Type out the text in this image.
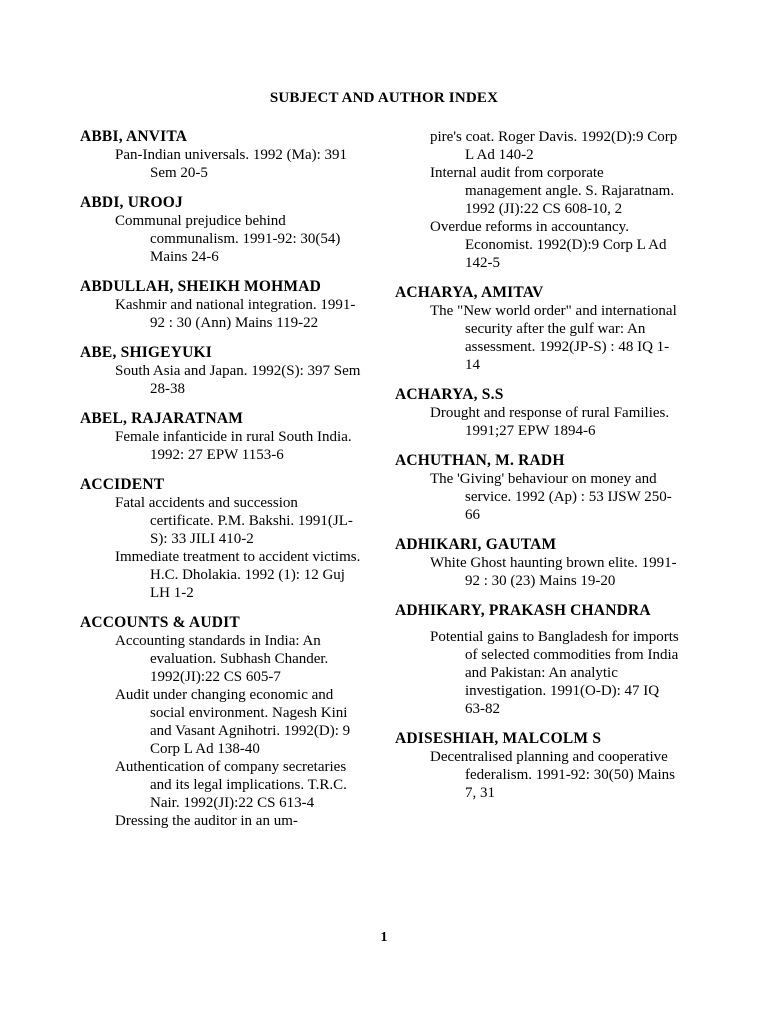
SUBJECT AND AUTHOR INDEX
ABBI, ANVITA
Pan-Indian universals. 1992 (Ma): 391 Sem 20-5
ABDI, UROOJ
Communal prejudice behind communalism. 1991-92: 30(54) Mains 24-6
ABDULLAH, SHEIKH MOHMAD
Kashmir and national integration. 1991-92 : 30 (Ann) Mains 119-22
ABE, SHIGEYUKI
South Asia and Japan. 1992(S): 397 Sem 28-38
ABEL, RAJARATNAM
Female infanticide in rural South India. 1992: 27 EPW 1153-6
ACCIDENT
Fatal accidents and succession certificate. P.M. Bakshi. 1991(JL-S): 33 JILI 410-2
Immediate treatment to accident victims. H.C. Dholakia. 1992 (1): 12 Guj LH 1-2
ACCOUNTS & AUDIT
Accounting standards in India: An evaluation. Subhash Chander. 1992(JI):22 CS 605-7
Audit under changing economic and social environment. Nagesh Kini and Vasant Agnihotri. 1992(D): 9 Corp L Ad 138-40
Authentication of company secretaries and its legal implications. T.R.C. Nair. 1992(JI):22 CS 613-4
Dressing the auditor in an um-
pire's coat. Roger Davis. 1992(D):9 Corp L Ad 140-2
Internal audit from corporate management angle. S. Rajaratnam. 1992 (JI):22 CS 608-10, 2
Overdue reforms in accountancy. Economist. 1992(D):9 Corp L Ad 142-5
ACHARYA, AMITAV
The "New world order" and international security after the gulf war: An assessment. 1992(JP-S) : 48 IQ 1-14
ACHARYA, S.S
Drought and response of rural Families. 1991;27 EPW 1894-6
ACHUTHAN, M. RADH
The 'Giving' behaviour on money and service. 1992 (Ap) : 53 IJSW 250-66
ADHIKARI, GAUTAM
White Ghost haunting brown elite. 1991-92 : 30 (23) Mains 19-20
ADHIKARY, PRAKASH CHANDRA
Potential gains to Bangladesh for imports of selected commodities from India and Pakistan: An analytic investigation. 1991(O-D): 47 IQ 63-82
ADISESHIAH, MALCOLM S
Decentralised planning and cooperative federalism. 1991-92: 30(50) Mains 7, 31
1
